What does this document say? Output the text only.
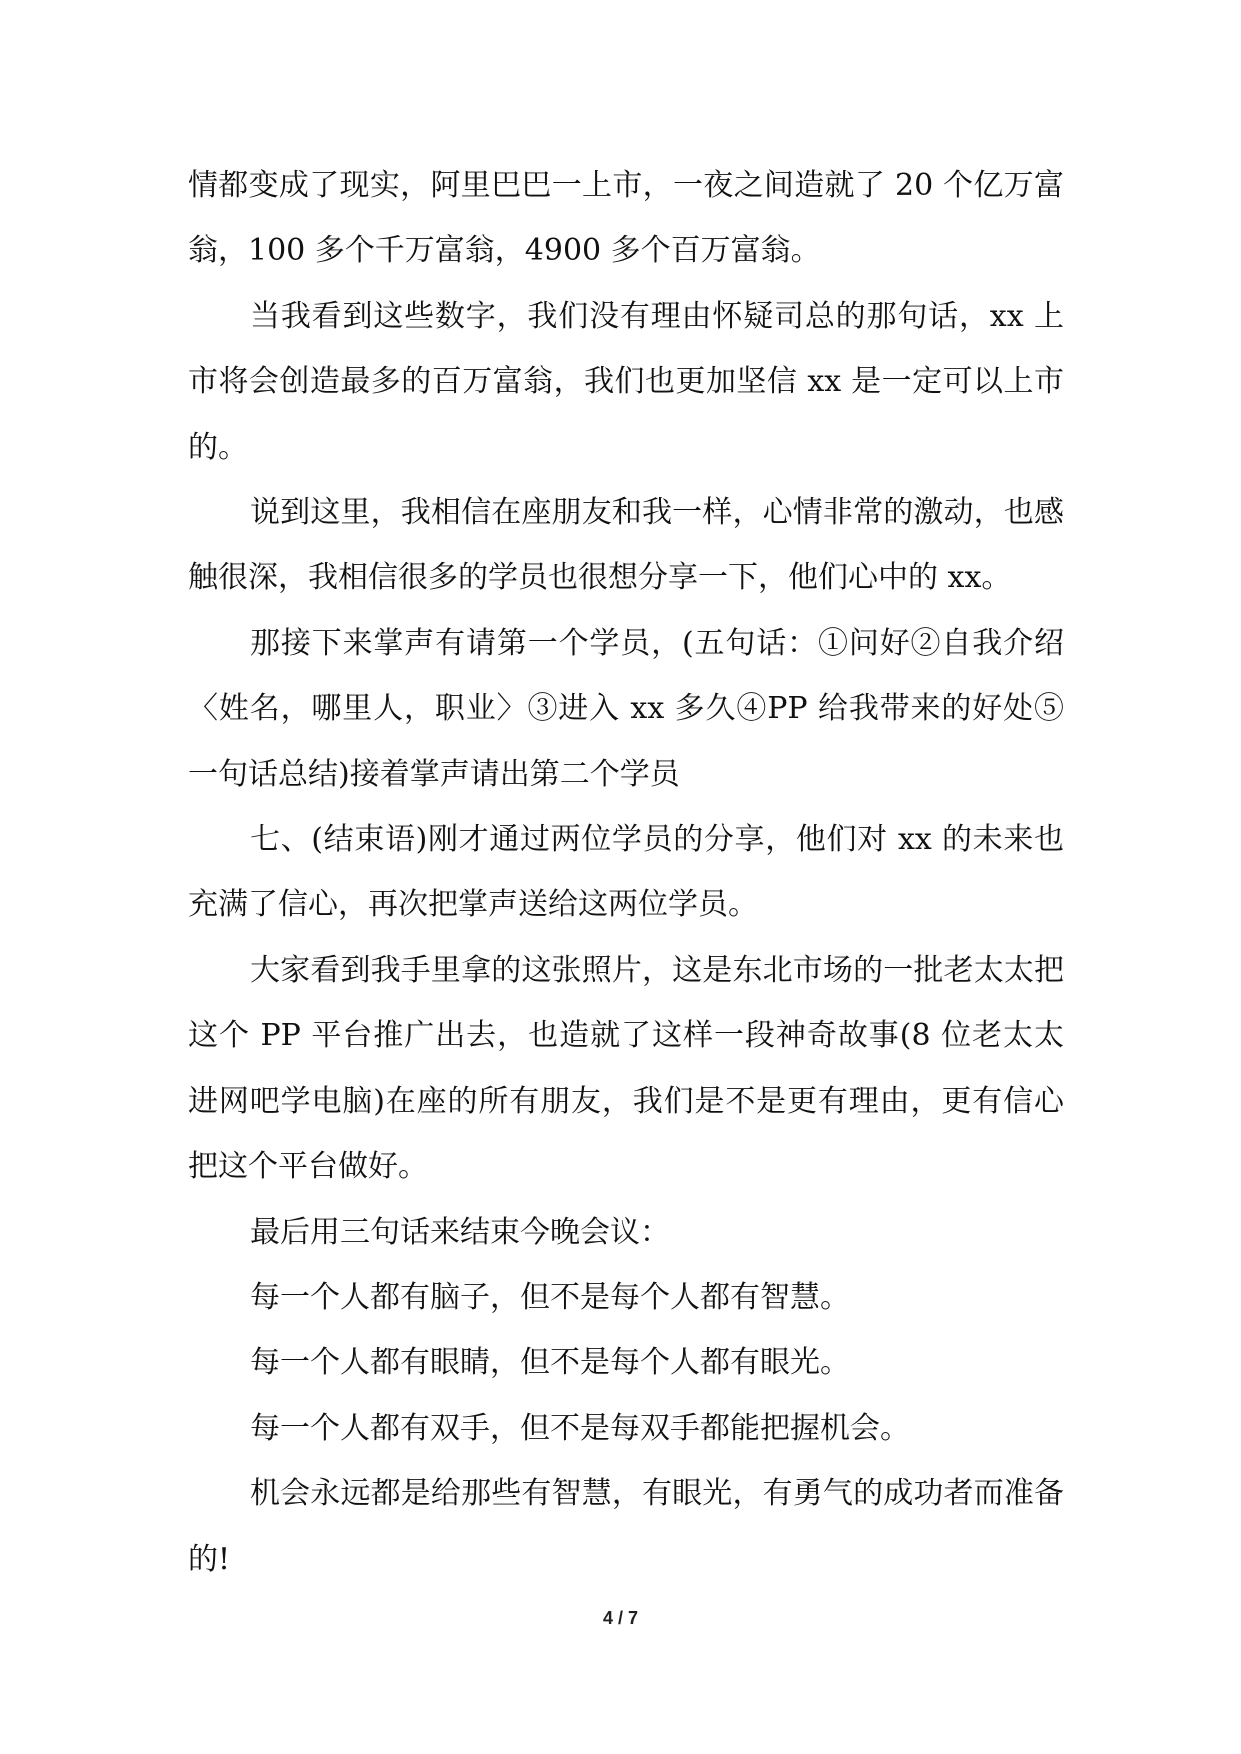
情都变成了现实，阿里巴巴一上市，一夜之间造就了 20 个亿万富翁，100 多个千万富翁，4900 多个百万富翁。

当我看到这些数字，我们没有理由怀疑司总的那句话，xx 上市将会创造最多的百万富翁，我们也更加坚信 xx 是一定可以上市的。

说到这里，我相信在座朋友和我一样，心情非常的激动，也感触很深，我相信很多的学员也很想分享一下，他们心中的 xx。

那接下来掌声有请第一个学员，(五句话：①问好②自我介绍〈姓名，哪里人，职业〉③进入 xx 多久④PP 给我带来的好处⑤一句话总结)接着掌声请出第二个学员

七、(结束语)刚才通过两位学员的分享，他们对 xx 的未来也充满了信心，再次把掌声送给这两位学员。

大家看到我手里拿的这张照片，这是东北市场的一批老太太把这个 PP 平台推广出去，也造就了这样一段神奇故事(8 位老太太进网吧学电脑)在座的所有朋友，我们是不是更有理由，更有信心把这个平台做好。

最后用三句话来结束今晚会议：

每一个人都有脑子，但不是每个人都有智慧。

每一个人都有眼睛，但不是每个人都有眼光。

每一个人都有双手，但不是每双手都能把握机会。

机会永远都是给那些有智慧，有眼光，有勇气的成功者而准备的!

4 / 7
